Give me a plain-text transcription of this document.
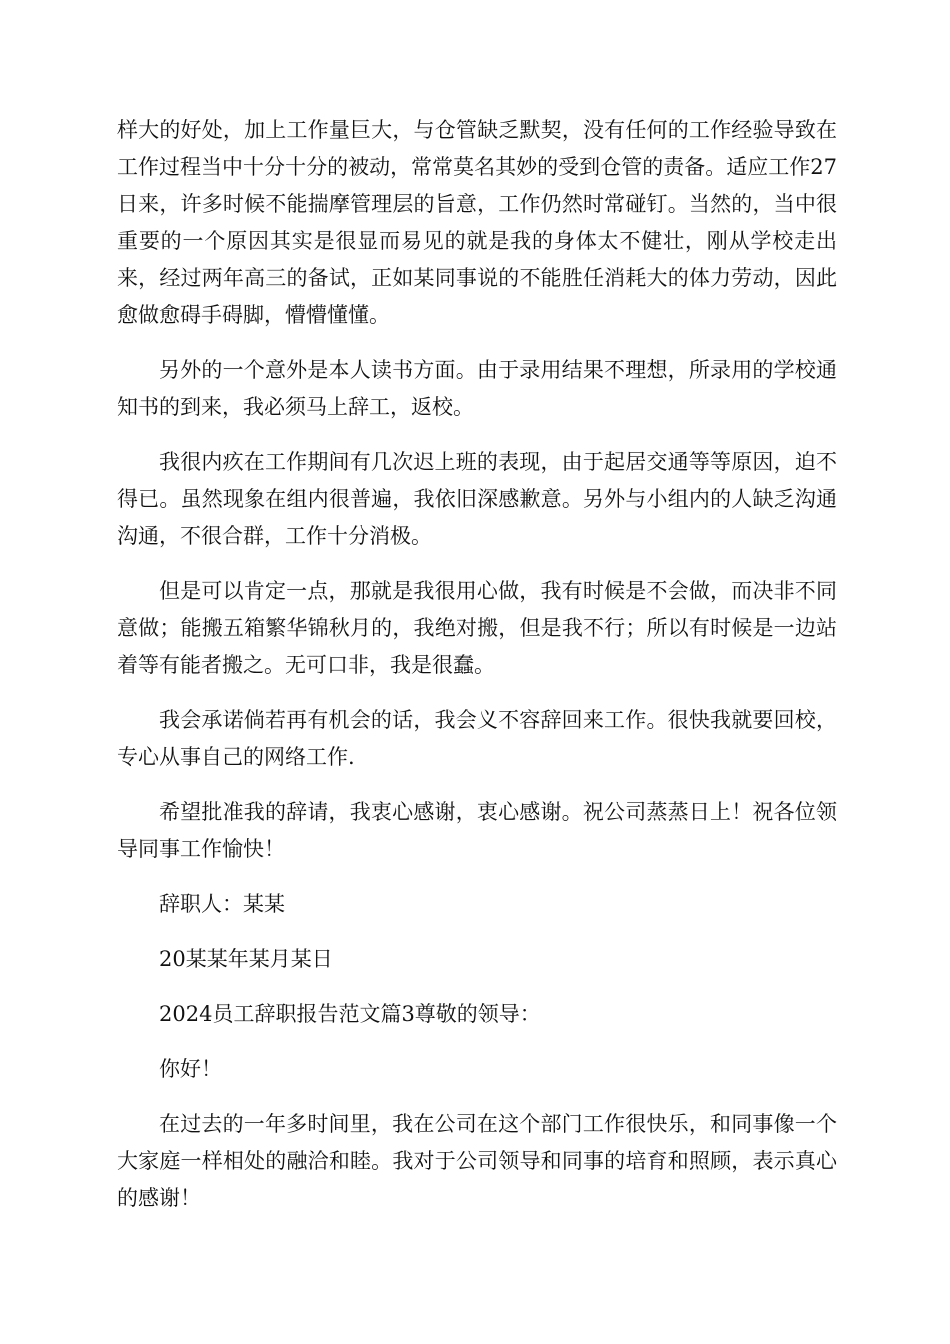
样大的好处，加上工作量巨大，与仓管缺乏默契，没有任何的工作经验导致在工作过程当中十分十分的被动，常常莫名其妙的受到仓管的责备。适应工作27日来，许多时候不能揣摩管理层的旨意，工作仍然时常碰钉。当然的，当中很重要的一个原因其实是很显而易见的就是我的身体太不健壮，刚从学校走出来，经过两年高三的备试，正如某同事说的不能胜任消耗大的体力劳动，因此愈做愈碍手碍脚，懵懵懂懂。

另外的一个意外是本人读书方面。由于录用结果不理想，所录用的学校通知书的到来，我必须马上辞工，返校。

我很内疚在工作期间有几次迟上班的表现，由于起居交通等等原因，迫不得已。虽然现象在组内很普遍，我依旧深感歉意。另外与小组内的人缺乏沟通沟通，不很合群，工作十分消极。

但是可以肯定一点，那就是我很用心做，我有时候是不会做，而决非不同意做；能搬五箱繁华锦秋月的，我绝对搬，但是我不行；所以有时候是一边站着等有能者搬之。无可口非，我是很蠢。

我会承诺倘若再有机会的话，我会义不容辞回来工作。很快我就要回校，专心从事自己的网络工作.

希望批准我的辞请，我衷心感谢，衷心感谢。祝公司蒸蒸日上！祝各位领导同事工作愉快！

辞职人：某某

20某某年某月某日

2024员工辞职报告范文篇3尊敬的领导：

你好！

在过去的一年多时间里，我在公司在这个部门工作很快乐，和同事像一个大家庭一样相处的融洽和睦。我对于公司领导和同事的培育和照顾，表示真心的感谢！
